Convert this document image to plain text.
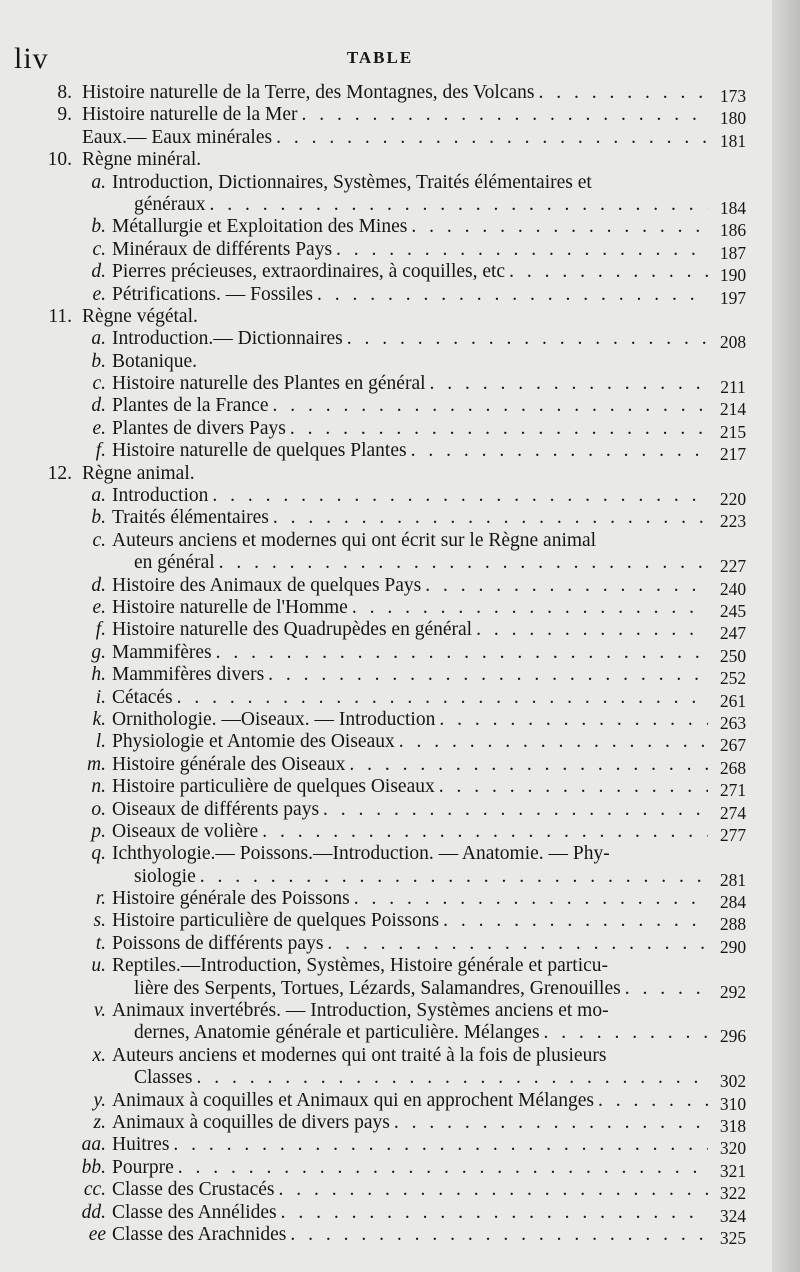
liv	TABLE
8. Histoire naturelle de la Terre, des Montagnes, des Volcans . . .	173
9. Histoire naturelle de la Mer . . .	180
Eaux.— Eaux minérales . . .	181
10. Règne minéral.
a. Introduction, Dictionnaires, Systèmes, Traités élémentaires et
généraux . . .	184
b. Métallurgie et Exploitation des Mines . . .	186
c. Minéraux de différents Pays . . .	187
d. Pierres précieuses, extraordinaires, à coquilles, etc . . .	190
e. Pétrifications. — Fossiles . . .	197
11. Règne végétal.
a. Introduction.— Dictionnaires . . .	208
b. Botanique.
c. Histoire naturelle des Plantes en général . . .	211
d. Plantes de la France . . .	214
e. Plantes de divers Pays . . .	215
f. Histoire naturelle de quelques Plantes . . .	217
12. Règne animal.
a. Introduction . . .	220
b. Traités élémentaires . . .	223
c. Auteurs anciens et modernes qui ont écrit sur le Règne animal
en général . . .	227
d. Histoire des Animaux de quelques Pays . . .	240
e. Histoire naturelle de l'Homme . . .	245
f. Histoire naturelle des Quadrupèdes en général . . .	247
g. Mammifères . . .	250
h. Mammifères divers . . .	252
i. Cétacés . . .	261
k. Ornithologie. —Oiseaux. — Introduction . . .	263
l. Physiologie et Antomie des Oiseaux . . .	267
m. Histoire générale des Oiseaux . . .	268
n. Histoire particulière de quelques Oiseaux . . .	271
o. Oiseaux de différents pays . . .	274
p. Oiseaux de volière . . .	277
q. Ichthyologie.— Poissons.—Introduction. — Anatomie. — Phy-
siologie . . .	281
r. Histoire générale des Poissons . . .	284
s. Histoire particulière de quelques Poissons . . .	288
t. Poissons de différents pays . . .	290
u. Reptiles.—Introduction, Systèmes, Histoire générale et particu-
lière des Serpents, Tortues, Lézards, Salamandres, Grenouilles . . .	292
v. Animaux invertébrés. — Introduction, Systèmes anciens et mo-
dernes, Anatomie générale et particulière. Mélanges . . .	296
x. Auteurs anciens et modernes qui ont traité à la fois de plusieurs
Classes . . .	302
y. Animaux à coquilles et Animaux qui en approchent Mélanges . . .	310
z. Animaux à coquilles de divers pays . . .	318
aa. Huitres . . .	320
bb. Pourpre . . .	321
cc. Classe des Crustacés . . .	322
dd. Classe des Annélides . . .	324
ee Classe des Arachnides . . .	325
